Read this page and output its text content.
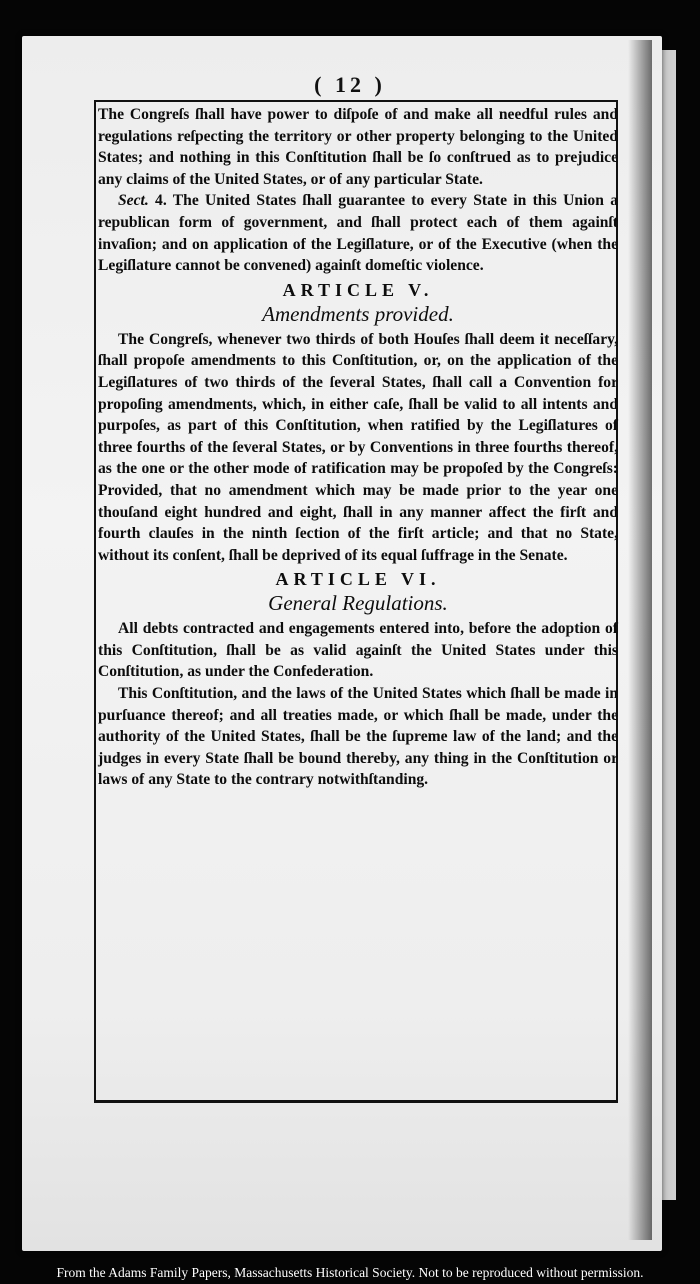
( 12 )

The Congreſs ſhall have power to diſpoſe of and make all needful rules and regulations reſpecting the territory or other property belonging to the United States; and nothing in this Conſtitution ſhall be ſo conſtrued as to prejudice any claims of the United States, or of any particular State.

Sect. 4. The United States ſhall guarantee to every State in this Union a republican form of government, and ſhall protect each of them againſt invaſion; and on application of the Legiſlature, or of the Executive (when the Legiſlature cannot be convened) againſt domeſtic violence.

ARTICLE V.
Amendments provided.

The Congreſs, whenever two thirds of both Houſes ſhall deem it neceſſary, ſhall propoſe amendments to this Conſtitution, or, on the application of the Legiſlatures of two thirds of the ſeveral States, ſhall call a Convention for propoſing amendments, which, in either caſe, ſhall be valid to all intents and purpoſes, as part of this Conſtitution, when ratified by the Legiſlatures of three fourths of the ſeveral States, or by Conventions in three fourths thereof, as the one or the other mode of ratification may be propoſed by the Congreſs: Provided, that no amendment which may be made prior to the year one thouſand eight hundred and eight, ſhall in any manner affect the firſt and fourth clauſes in the ninth ſection of the firſt article; and that no State, without its conſent, ſhall be deprived of its equal ſuffrage in the Senate.

ARTICLE VI.
General Regulations.

All debts contracted and engagements entered into, before the adoption of this Conſtitution, ſhall be as valid againſt the United States under this Conſtitution, as under the Confederation.

This Conſtitution, and the laws of the United States which ſhall be made in purſuance thereof; and all treaties made, or which ſhall be made, under the authority of the United States, ſhall be the ſupreme law of the land; and the judges in every State ſhall be bound thereby, any thing in the Conſtitution or laws of any State to the contrary notwithſtanding.

From the Adams Family Papers, Massachusetts Historical Society. Not to be reproduced without permission.
